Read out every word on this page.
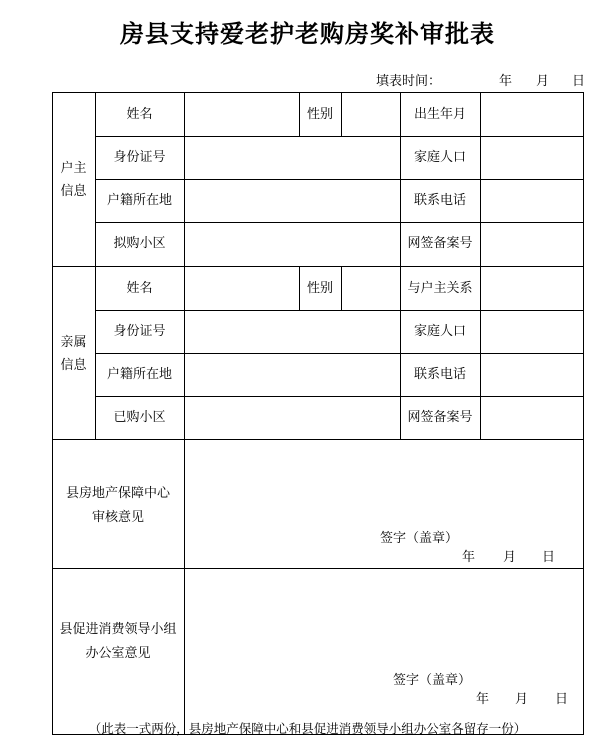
房县支持爱老护老购房奖补审批表
填表时间：	年 月 日
户主
信息
姓名	性别	出生年月
身份证号	家庭人口
户籍所在地	联系电话
拟购小区	网签备案号
亲属
信息
姓名	性别	与户主关系
身份证号	家庭人口
户籍所在地	联系电话
已购小区	网签备案号
县房地产保障中心
审核意见
签字（盖章）
年 月 日
县促进消费领导小组
办公室意见
签字（盖章）
年 月 日
（此表一式两份，县房地产保障中心和县促进消费领导小组办公室各留存一份）
